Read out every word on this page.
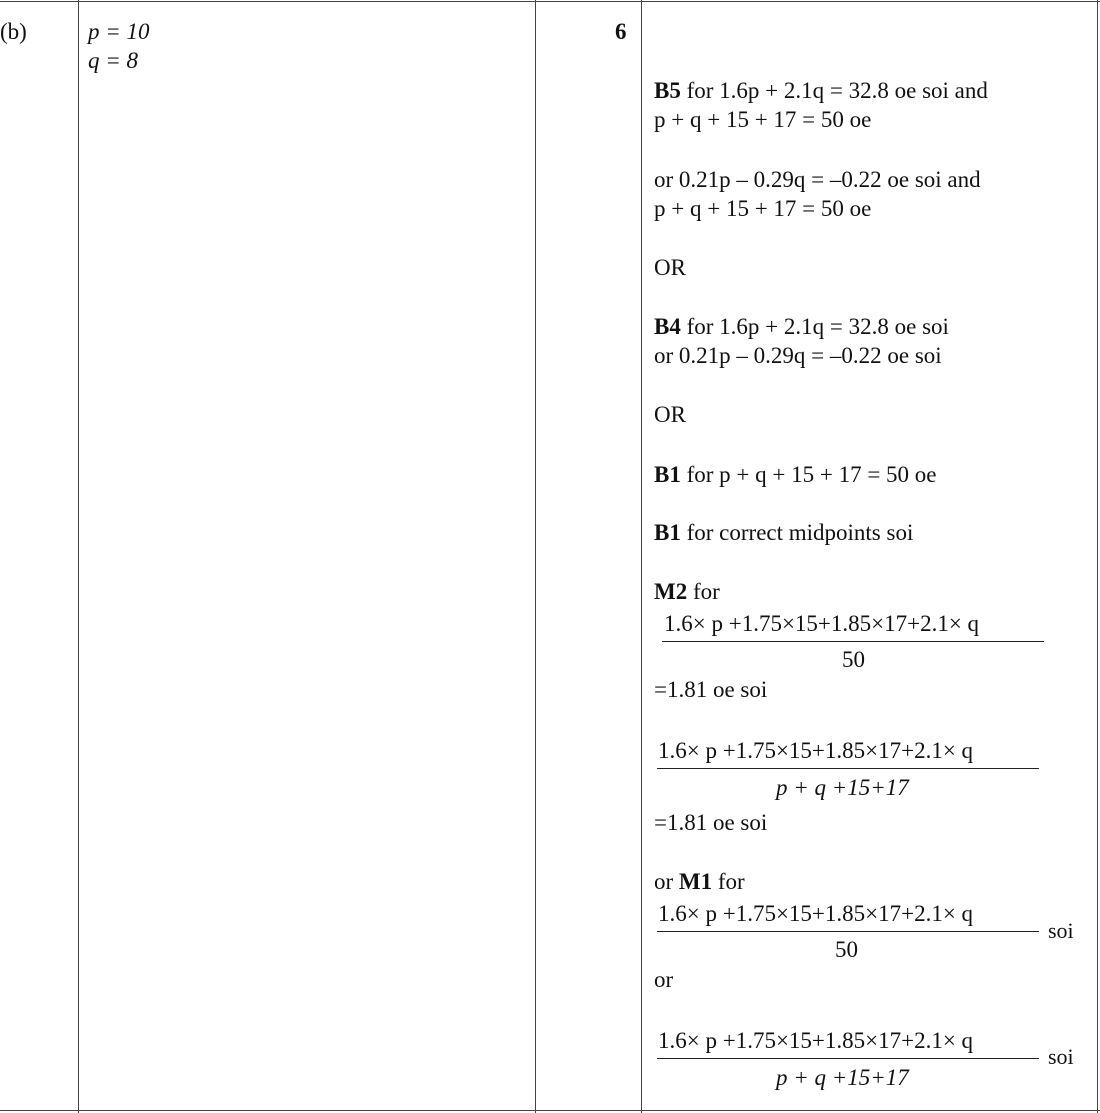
(b)	p = 10
q = 8
6
B5 for 1.6p + 2.1q = 32.8 oe soi and
p + q + 15 + 17 = 50 oe
or 0.21p – 0.29q = –0.22 oe soi and
p + q + 15 + 17 = 50 oe
OR
B4 for 1.6p + 2.1q = 32.8 oe soi
or 0.21p – 0.29q = –0.22 oe soi
OR
B1 for p + q + 15 + 17 = 50 oe
B1 for correct midpoints soi
M2 for
1.6× p +1.75×15+1.85×17+2.1× q
50
=1.81 oe soi
1.6× p +1.75×15+1.85×17+2.1× q
p + q +15+17
=1.81 oe soi
or M1 for
1.6× p +1.75×15+1.85×17+2.1× q
50
soi
or
1.6× p +1.75×15+1.85×17+2.1× q
p + q +15+17
soi
